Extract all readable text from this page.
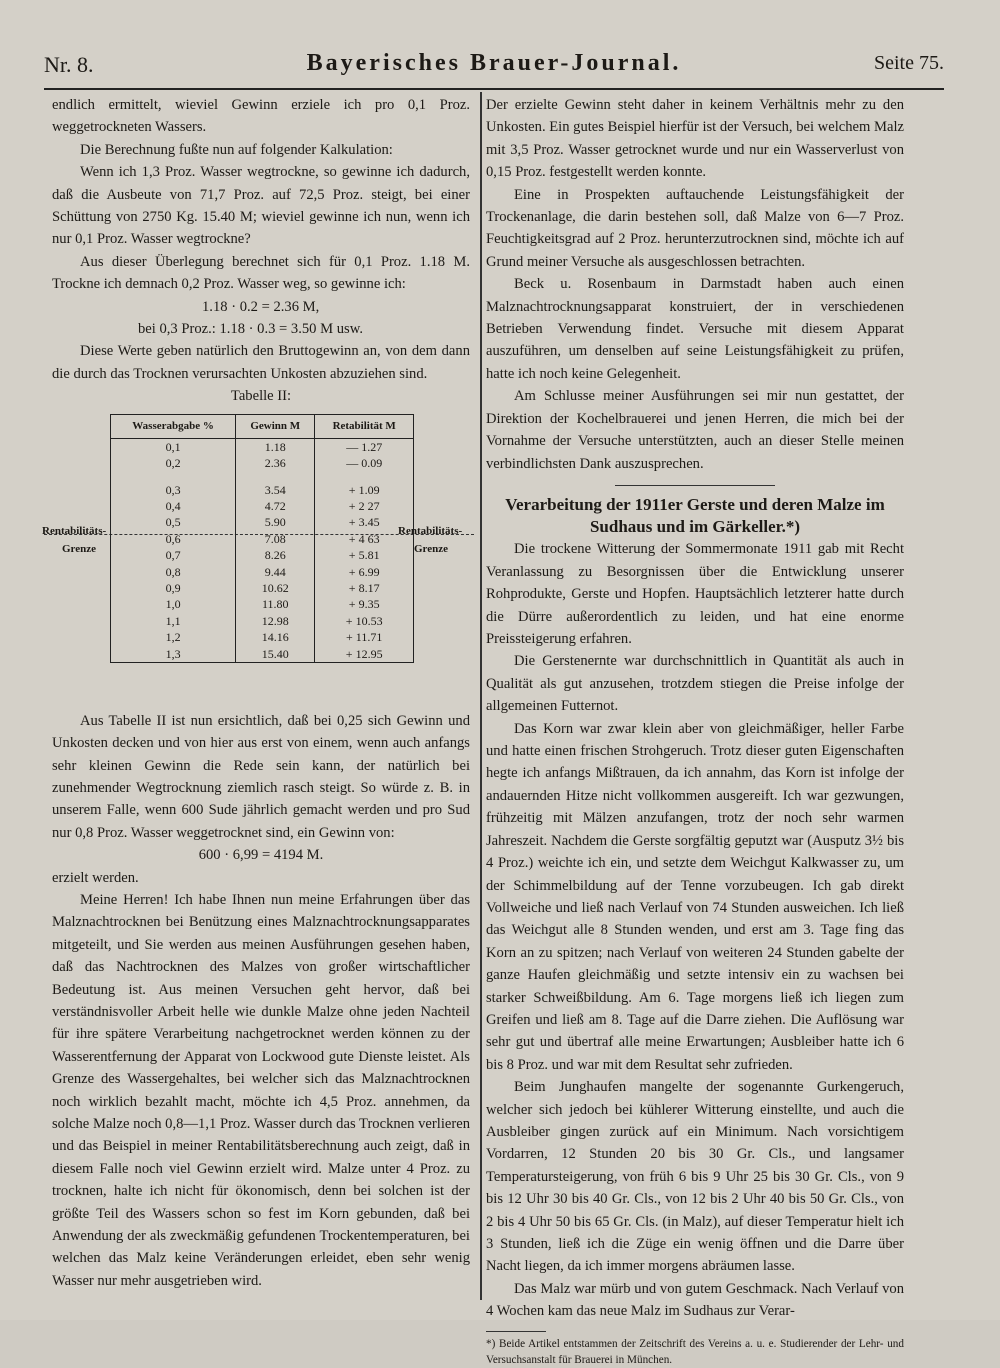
Nr. 8.	Bayerisches Brauer-Journal.	Seite 75.

endlich ermittelt, wieviel Gewinn erziele ich pro 0,1 Proz. weggetrockneten Wassers.

Die Berechnung fußte nun auf folgender Kalkulation:

Wenn ich 1,3 Proz. Wasser wegtrockne, so gewinne ich dadurch, daß die Ausbeute von 71,7 Proz. auf 72,5 Proz. steigt, bei einer Schüttung von 2750 Kg. 15.40 M; wieviel gewinne ich nun, wenn ich nur 0,1 Proz. Wasser wegtrockne?

Aus dieser Überlegung berechnet sich für 0,1 Proz. 1.18 M. Trockne ich demnach 0,2 Proz. Wasser weg, so gewinne ich:

1.18 · 0.2 = 2.36 M,

bei 0,3 Proz.: 1.18 · 0.3 = 3.50 M usw.

Diese Werte geben natürlich den Bruttogewinn an, von dem dann die durch das Trocknen verursachten Unkosten abzuziehen sind.

Tabelle II:

Rentabilitäts-
Grenze
Rentabilitäts-
Grenze
Wasserabgabe %	Gewinn M	Retabilität M
0,1	1.18	— 1.27
0,2	2.36	— 0.09

0,3	3.54	+ 1.09
0,4	4.72	+ 2 27
0,5	5.90	+ 3.45
0,6	7.08	+ 4 63
0,7	8.26	+ 5.81
0,8	9.44	+ 6.99
0,9	10.62	+ 8.17
1,0	11.80	+ 9.35
1,1	12.98	+ 10.53
1,2	14.16	+ 11.71
1,3	15.40	+ 12.95

Aus Tabelle II ist nun ersichtlich, daß bei 0,25 sich Gewinn und Unkosten decken und von hier aus erst von einem, wenn auch anfangs sehr kleinen Gewinn die Rede sein kann, der natürlich bei zunehmender Wegtrocknung ziemlich rasch steigt. So würde z. B. in unserem Falle, wenn 600 Sude jährlich gemacht werden und pro Sud nur 0,8 Proz. Wasser weggetrocknet sind, ein Gewinn von:

600 · 6,99 = 4194 M.

erzielt werden.

Meine Herren! Ich habe Ihnen nun meine Erfahrungen über das Malznachtrocknen bei Benützung eines Malznachtrocknungsapparates mitgeteilt, und Sie werden aus meinen Ausführungen gesehen haben, daß das Nachtrocknen des Malzes von großer wirtschaftlicher Bedeutung ist. Aus meinen Versuchen geht hervor, daß bei verständnisvoller Arbeit helle wie dunkle Malze ohne jeden Nachteil für ihre spätere Verarbeitung nachgetrocknet werden können zu der Wasserentfernung der Apparat von Lockwood gute Dienste leistet. Als Grenze des Wassergehaltes, bei welcher sich das Malznachtrocknen noch wirklich bezahlt macht, möchte ich 4,5 Proz. annehmen, da solche Malze noch 0,8—1,1 Proz. Wasser durch das Trocknen verlieren und das Beispiel in meiner Rentabilitätsberechnung auch zeigt, daß in diesem Falle noch viel Gewinn erzielt wird. Malze unter 4 Proz. zu trocknen, halte ich nicht für ökonomisch, denn bei solchen ist der größte Teil des Wassers schon so fest im Korn gebunden, daß bei Anwendung der als zweckmäßig gefundenen Trockentemperaturen, bei welchen das Malz keine Veränderungen erleidet, eben sehr wenig Wasser nur mehr ausgetrieben wird.

Der erzielte Gewinn steht daher in keinem Verhältnis mehr zu den Unkosten. Ein gutes Beispiel hierfür ist der Versuch, bei welchem Malz mit 3,5 Proz. Wasser getrocknet wurde und nur ein Wasserverlust von 0,15 Proz. festgestellt werden konnte.

Eine in Prospekten auftauchende Leistungsfähigkeit der Trockenanlage, die darin bestehen soll, daß Malze von 6—7 Proz. Feuchtigkeitsgrad auf 2 Proz. herunterzutrocknen sind, möchte ich auf Grund meiner Versuche als ausgeschlossen betrachten.

Beck u. Rosenbaum in Darmstadt haben auch einen Malznachtrocknungsapparat konstruiert, der in verschiedenen Betrieben Verwendung findet. Versuche mit diesem Apparat auszuführen, um denselben auf seine Leistungsfähigkeit zu prüfen, hatte ich noch keine Gelegenheit.

Am Schlusse meiner Ausführungen sei mir nun gestattet, der Direktion der Kochelbrauerei und jenen Herren, die mich bei der Vornahme der Versuche unterstützten, auch an dieser Stelle meinen verbindlichsten Dank auszusprechen.

Verarbeitung der 1911er Gerste und deren Malze im Sudhaus und im Gärkeller.*)

Die trockene Witterung der Sommermonate 1911 gab mit Recht Veranlassung zu Besorgnissen über die Entwicklung unserer Rohprodukte, Gerste und Hopfen. Hauptsächlich letzterer hatte durch die Dürre außerordentlich zu leiden, und hat eine enorme Preissteigerung erfahren.

Die Gerstenernte war durchschnittlich in Quantität als auch in Qualität als gut anzusehen, trotzdem stiegen die Preise infolge der allgemeinen Futternot.

Das Korn war zwar klein aber von gleichmäßiger, heller Farbe und hatte einen frischen Strohgeruch. Trotz dieser guten Eigenschaften hegte ich anfangs Mißtrauen, da ich annahm, das Korn ist infolge der andauernden Hitze nicht vollkommen ausgereift. Ich war gezwungen, frühzeitig mit Mälzen anzufangen, trotz der noch sehr warmen Jahreszeit. Nachdem die Gerste sorgfältig geputzt war (Ausputz 3½ bis 4 Proz.) weichte ich ein, und setzte dem Weichgut Kalkwasser zu, um der Schimmelbildung auf der Tenne vorzubeugen. Ich gab direkt Vollweiche und ließ nach Verlauf von 74 Stunden ausweichen. Ich ließ das Weichgut alle 8 Stunden wenden, und erst am 3. Tage fing das Korn an zu spitzen; nach Verlauf von weiteren 24 Stunden gabelte der ganze Haufen gleichmäßig und setzte intensiv ein zu wachsen bei starker Schweißbildung. Am 6. Tage morgens ließ ich liegen zum Greifen und ließ am 8. Tage auf die Darre ziehen. Die Auflösung war sehr gut und übertraf alle meine Erwartungen; Ausbleiber hatte ich 6 bis 8 Proz. und war mit dem Resultat sehr zufrieden.

Beim Junghaufen mangelte der sogenannte Gurkengeruch, welcher sich jedoch bei kühlerer Witterung einstellte, und auch die Ausbleiber gingen zurück auf ein Minimum. Nach vorsichtigem Vordarren, 12 Stunden 20 bis 30 Gr. Cls., und langsamer Temperatursteigerung, von früh 6 bis 9 Uhr 25 bis 30 Gr. Cls., von 9 bis 12 Uhr 30 bis 40 Gr. Cls., von 12 bis 2 Uhr 40 bis 50 Gr. Cls., von 2 bis 4 Uhr 50 bis 65 Gr. Cls. (in Malz), auf dieser Temperatur hielt ich 3 Stunden, ließ ich die Züge ein wenig öffnen und die Darre über Nacht liegen, da ich immer morgens abräumen lasse.

Das Malz war mürb und von gutem Geschmack. Nach Verlauf von 4 Wochen kam das neue Malz im Sudhaus zur Verar-

*) Beide Artikel entstammen der Zeitschrift des Vereins a. u. e. Studierender der Lehr- und Versuchsanstalt für Brauerei in München.
